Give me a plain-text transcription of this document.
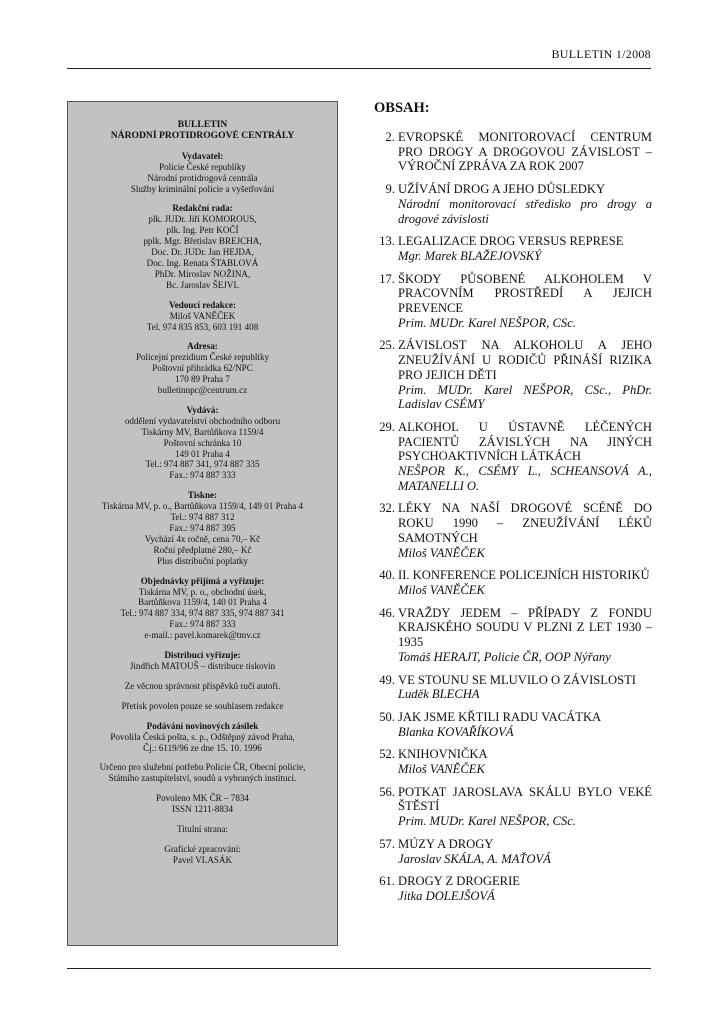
BULLETIN 1/2008
BULLETIN
NÁRODNÍ PROTIDROGOVÉ CENTRÁLY
Vydavatel:
Policie České republiky
Národní protidrogová centrála
Služby kriminální policie a vyšetřování
Redakční rada:
plk. JUDr. Jiří KOMOROUS,
plk. Ing. Petr KOČÍ
pplk. Mgr. Břetislav BREJCHA,
Doc. Dr. JUDr. Jan HEJDA,
Doc. Ing. Renata ŠTABLOVÁ
PhDr. Miroslav NOŽINA,
Bc. Jaroslav ŠEJVL
Vedoucí redakce:
Miloš VANĚČEK
Tel. 974 835 853, 603 191 408
Adresa:
Policejní prezidium České republiky
Poštovní přihrádka 62/NPC
170 89 Praha 7
bulletinnpc@centrum.cz
Vydává:
oddělení vydavatelství obchodního odboru
Tiskárny MV, Bartůňkova 1159/4
Poštovní schránka 10
149 01 Praha 4
Tel.: 974 887 341, 974 887 335
Fax.: 974 887 333
Tiskne:
Tiskárna MV, p. o., Bartůňkova 1159/4, 149 01 Praha 4
Tel.: 974 887 312
Fax.: 974 887 395
Vychází 4x ročně, cena 70,– Kč
Roční předplatné 280,– Kč
Plus distribuční poplatky
Objednávky přijímá a vyřizuje:
Tiskárna MV, p. o., obchodní úsek,
Bartůňkova 1159/4, 140 01 Praha 4
Tel.: 974 887 334, 974 887 335, 974 887 341
Fax.: 974 887 333
e-mail.: pavel.komarek@tmv.cz
Distribuci vyřizuje:
Jindřich MATOUŠ – distribuce tiskovin
Ze věcnou správnost příspěvků ručí autoři.
Přetisk povolen pouze se souhlasem redakce
Podávání novinových zásilek
Povolila Česká pošta, s. p., Odštěpný závod Praha,
Čj.: 6119/96 ze dne 15. 10. 1996
Určeno pro služební potřebu Policie ČR, Obecní policie,
Státního zastupitelství, soudů a vybraných institucí.
Povoleno MK ČR – 7834
ISSN 1211-8834
Titulní strana:
Grafické zpracování:
Pavel VLASÁK
OBSAH:
2. EVROPSKÉ MONITOROVACÍ CENTRUM PRO DROGY A DROGOVOU ZÁVISLOST – VÝROČNÍ ZPRÁVA ZA ROK 2007
9. UŽÍVÁNÍ DROG A JEHO DŮSLEDKY
Národní monitorovací středisko pro drogy a drogové závislosti
13. LEGALIZACE DROG VERSUS REPRESE
Mgr. Marek BLAŽEJOVSKÝ
17. ŠKODY PŮSOBENÉ ALKOHOLEM V PRACOVNÍM PROSTŘEDÍ A JEJICH PREVENCE
Prim. MUDr. Karel NEŠPOR, CSc.
25. ZÁVISLOST NA ALKOHOLU A JEHO ZNEUŽÍVÁNÍ U RODIČŮ PŘINÁŠÍ RIZIKA PRO JEJICH DĚTI
Prim. MUDr. Karel NEŠPOR, CSc., PhDr. Ladislav CSÉMY
29. ALKOHOL U ÚSTAVNĚ LÉČENÝCH PACIENTŮ ZÁVISLÝCH NA JINÝCH PSYCHOAKTIVNÍCH LÁTKÁCH
NEŠPOR K., CSÉMY L., SCHEANSOVÁ A., MATANELLI O.
32. LÉKY NA NAŠÍ DROGOVÉ SCÉNĚ DO ROKU 1990 – ZNEUŽÍVÁNÍ LÉKŮ SAMOTNÝCH
Miloš VANĚČEK
40. II. KONFERENCE POLICEJNÍCH HISTORIKŮ
Miloš VANĚČEK
46. VRAŽDY JEDEM – PŘÍPADY Z FONDU KRAJSKÉHO SOUDU V PLZNI Z LET 1930 – 1935
Tomáš HERAJT, Policie ČR, OOP Nýřany
49. VE STOUNU SE MLUVILO O ZÁVISLOSTI
Luděk BLECHA
50. JAK JSME KŘTILI RADU VACÁTKA
Blanka KOVAŘÍKOVÁ
52. KNIHOVNIČKA
Miloš VANĚČEK
56. POTKAT JAROSLAVA SKÁLU BYLO VEKÉ ŠTĚSTÍ
Prim. MUDr. Karel NEŠPOR, CSc.
57. MÚZY A DROGY
Jaroslav SKÁLA, A. MAŤOVÁ
61. DROGY Z DROGERIE
Jitka DOLEJŠOVÁ
